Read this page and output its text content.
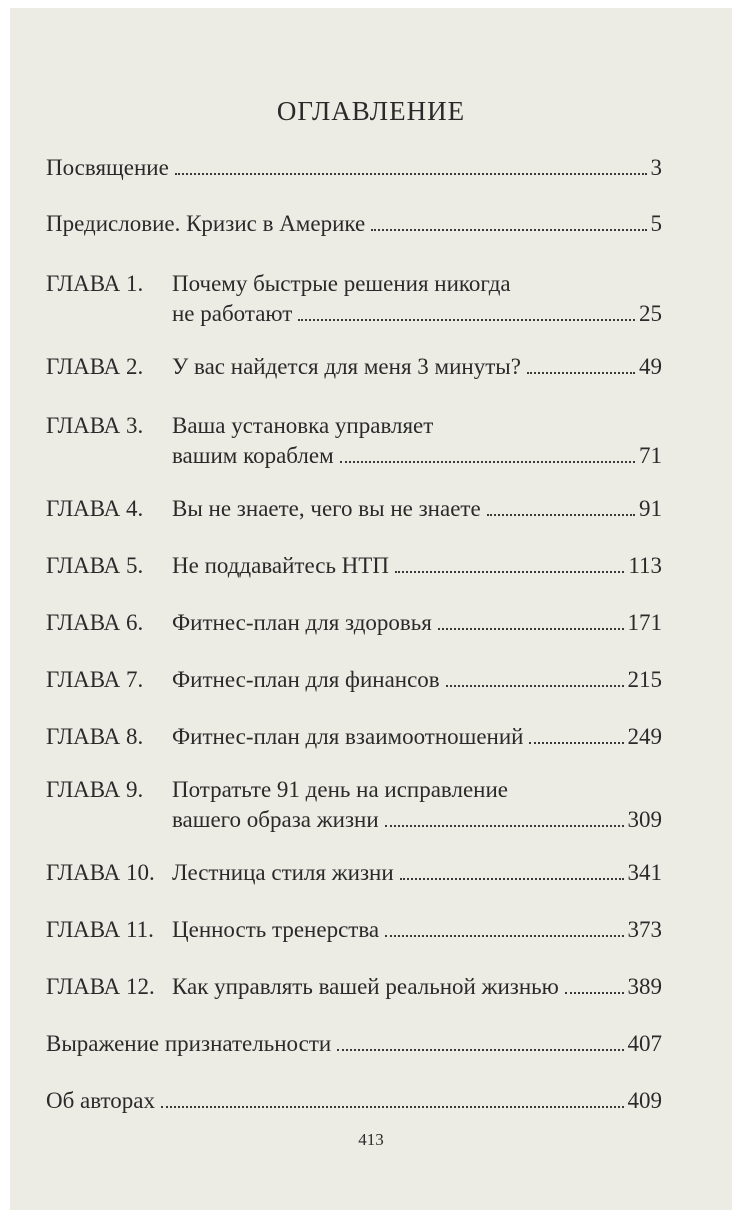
ОГЛАВЛЕНИЕ
Посвящение	3
Предисловие. Кризис в Америке	5
ГЛАВА 1. Почему быстрые решения никогда
не работают	25
ГЛАВА 2. У вас найдется для меня 3 минуты?	49
ГЛАВА 3. Ваша установка управляет
вашим кораблем	71
ГЛАВА 4. Вы не знаете, чего вы не знаете	91
ГЛАВА 5. Не поддавайтесь НТП	113
ГЛАВА 6. Фитнес-план для здоровья	171
ГЛАВА 7. Фитнес-план для финансов	215
ГЛАВА 8. Фитнес-план для взаимоотношений	249
ГЛАВА 9. Потратьте 91 день на исправление
вашего образа жизни	309
ГЛАВА 10. Лестница стиля жизни	341
ГЛАВА 11. Ценность тренерства	373
ГЛАВА 12. Как управлять вашей реальной жизнью	389
Выражение признательности	407
Об авторах	409
413
